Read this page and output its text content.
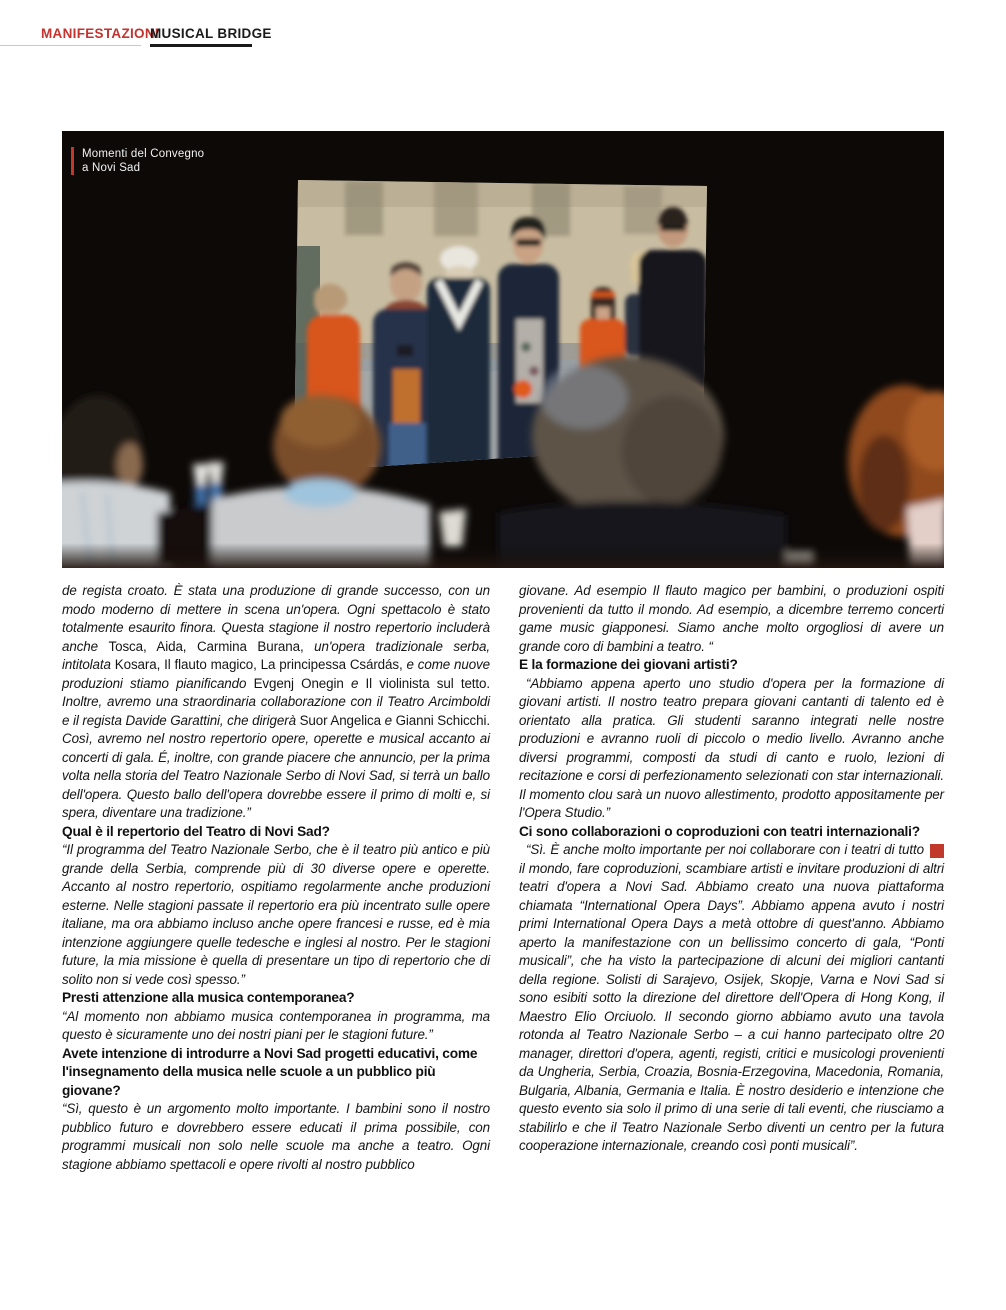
MANIFESTAZIONI
MUSICAL BRIDGE
Momenti del Convegno
a Novi Sad

de regista croato. È stata una produzione di grande successo, con un modo moderno di mettere in scena un'opera. Ogni spettacolo è stato totalmente esaurito finora. Questa stagione il nostro repertorio includerà anche Tosca, Aida, Carmina Burana, un'opera tradizionale serba, intitolata Kosara, Il flauto magico, La principessa Csárdás, e come nuove produzioni stiamo pianificando Evgenj Onegin e Il violinista sul tetto. Inoltre, avremo una straordinaria collaborazione con il Teatro Arcimboldi e il regista Davide Garattini, che dirigerà Suor Angelica e Gianni Schicchi. Così, avremo nel nostro repertorio opere, operette e musical accanto ai concerti di gala. É, inoltre, con grande piacere che annuncio, per la prima volta nella storia del Teatro Nazionale Serbo di Novi Sad, si terrà un ballo dell'opera. Questo ballo dell'opera dovrebbe essere il primo di molti e, si spera, diventare una tradizione.”

Qual è il repertorio del Teatro di Novi Sad?

“Il programma del Teatro Nazionale Serbo, che è il teatro più antico e più grande della Serbia, comprende più di 30 diverse opere e operette. Accanto al nostro repertorio, ospitiamo regolarmente anche produzioni esterne. Nelle stagioni passate il repertorio era più incentrato sulle opere italiane, ma ora abbiamo incluso anche opere francesi e russe, ed è mia intenzione aggiungere quelle tedesche e inglesi al nostro. Per le stagioni future, la mia missione è quella di presentare un tipo di repertorio che di solito non si vede così spesso.”

Presti attenzione alla musica contemporanea?

“Al momento non abbiamo musica contemporanea in programma, ma questo è sicuramente uno dei nostri piani per le stagioni future.”

Avete intenzione di introdurre a Novi Sad progetti educativi, come l'insegnamento della musica nelle scuole a un pubblico più giovane?

“Sì, questo è un argomento molto importante. I bambini sono il nostro pubblico futuro e dovrebbero essere educati il prima possibile, con programmi musicali non solo nelle scuole ma anche a teatro. Ogni stagione abbiamo spettacoli e opere rivolti al nostro pubblico

giovane. Ad esempio Il flauto magico per bambini, o produzioni ospiti provenienti da tutto il mondo. Ad esempio, a dicembre terremo concerti game music giapponesi. Siamo anche molto orgogliosi di avere un grande coro di bambini a teatro. “

E la formazione dei giovani artisti?

“Abbiamo appena aperto uno studio d'opera per la formazione di giovani artisti. Il nostro teatro prepara giovani cantanti di talento ed è orientato alla pratica. Gli studenti saranno integrati nelle nostre produzioni e avranno ruoli di piccolo o medio livello. Avranno anche diversi programmi, composti da studi di canto e ruolo, lezioni di recitazione e corsi di perfezionamento selezionati con star internazionali. Il momento clou sarà un nuovo allestimento, prodotto appositamente per l'Opera Studio.”

Ci sono collaborazioni o coproduzioni con teatri internazionali?

“Sì. È anche molto importante per noi collaborare con i teatri di tutto il mondo, fare coproduzioni, scambiare artisti e invitare produzioni di altri teatri d'opera a Novi Sad. Abbiamo creato una nuova piattaforma chiamata “International Opera Days”. Abbiamo appena avuto i nostri primi International Opera Days a metà ottobre di quest'anno. Abbiamo aperto la manifestazione con un bellissimo concerto di gala, “Ponti musicali”, che ha visto la partecipazione di alcuni dei migliori cantanti della regione. Solisti di Sarajevo, Osijek, Skopje, Varna e Novi Sad si sono esibiti sotto la direzione del direttore dell'Opera di Hong Kong, il Maestro Elio Orciuolo. Il secondo giorno abbiamo avuto una tavola rotonda al Teatro Nazionale Serbo – a cui hanno partecipato oltre 20 manager, direttori d'opera, agenti, registi, critici e musicologi provenienti da Ungheria, Serbia, Croazia, Bosnia-Erzegovina, Macedonia, Romania, Bulgaria, Albania, Germania e Italia. È nostro desiderio e intenzione che questo evento sia solo il primo di una serie di tali eventi, che riusciamo a stabilirlo e che il Teatro Nazionale Serbo diventi un centro per la futura cooperazione internazionale, creando così ponti musicali”.
